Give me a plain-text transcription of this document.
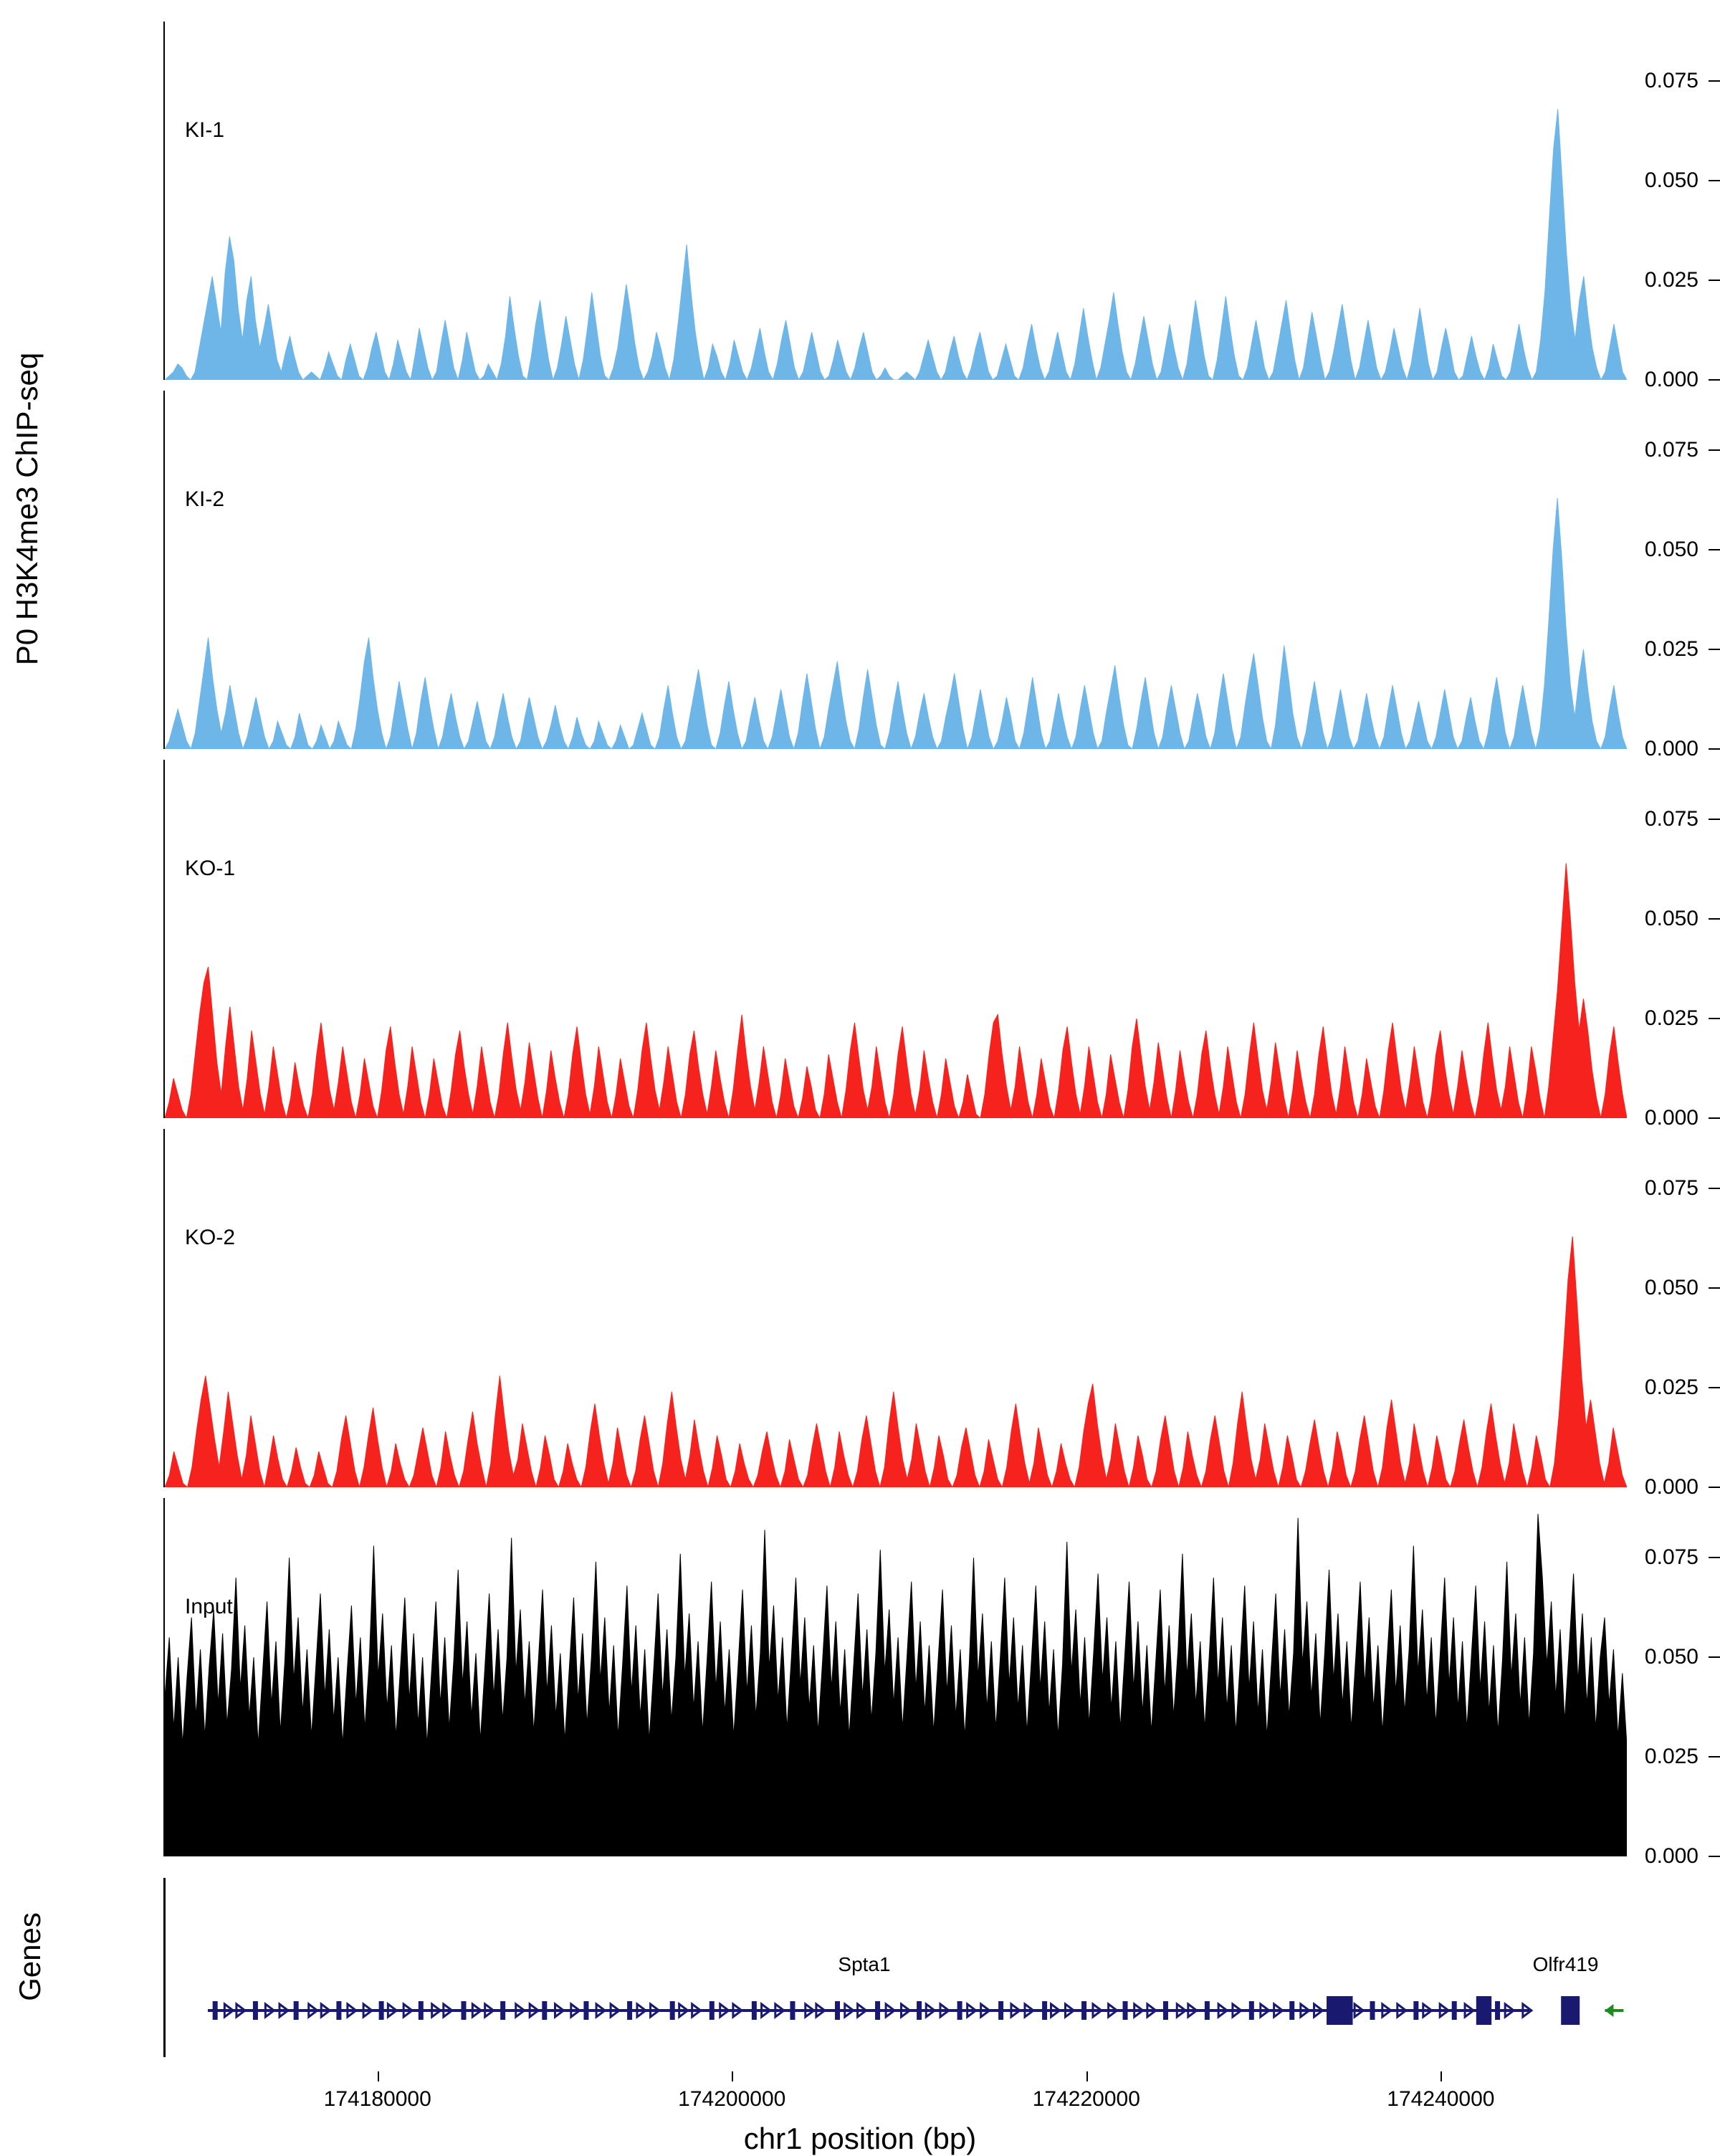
P0 H3K4me3 ChIP-seq
Genes
0.000
0.025
0.050
0.075
KI-1
0.000
0.025
0.050
0.075
KI-2
0.000
0.025
0.050
0.075
KO-1
0.000
0.025
0.050
0.075
KO-2
0.000
0.025
0.050
0.075
Input
Spta1	Olfr419
chr1 position (bp)
174180000	174200000	174220000	174240000
